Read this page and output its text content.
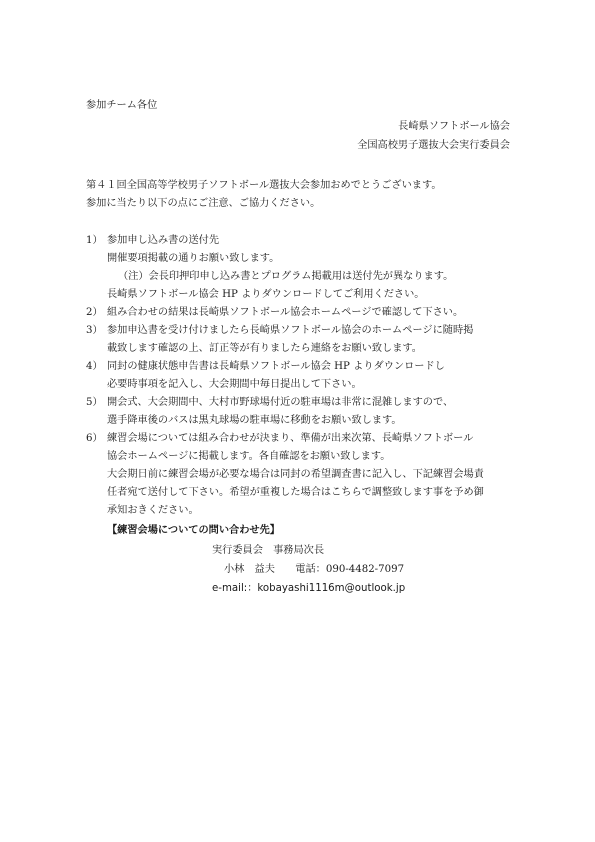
参加チーム各位
長崎県ソフトボール協会
全国高校男子選抜大会実行委員会
第４１回全国高等学校男子ソフトボール選抜大会参加おめでとうございます。
参加に当たり以下の点にご注意、ご協力ください。
1） 参加申し込み書の送付先
開催要項掲載の通りお願い致します。
（注）会長印押印申し込み書とプログラム掲載用は送付先が異なります。
長崎県ソフトボール協会 HP よりダウンロードしてご利用ください。
2） 組み合わせの結果は長崎県ソフトボール協会ホームページで確認して下さい。
3） 参加申込書を受け付けましたら長崎県ソフトボール協会のホームページに随時掲
載致します確認の上、訂正等が有りましたら連絡をお願い致します。
4） 同封の健康状態申告書は長崎県ソフトボール協会 HP よりダウンロードし
必要時事項を記入し、大会期間中毎日提出して下さい。
5） 開会式、大会期間中、大村市野球場付近の駐車場は非常に混雑しますので、
選手降車後のバスは黒丸球場の駐車場に移動をお願い致します。
6） 練習会場については組み合わせが決まり、準備が出来次第、長崎県ソフトボール
協会ホームページに掲載します。各自確認をお願い致します。
大会期日前に練習会場が必要な場合は同封の希望調査書に記入し、下記練習会場責
任者宛て送付して下さい。希望が重複した場合はこちらで調整致します事を予め御
承知おきください。
【練習会場についての問い合わせ先】
実行委員会　事務局次長
小林　益夫　　電話：090-4482-7097
e-mail:：kobayashi1116m@outlook.jp
